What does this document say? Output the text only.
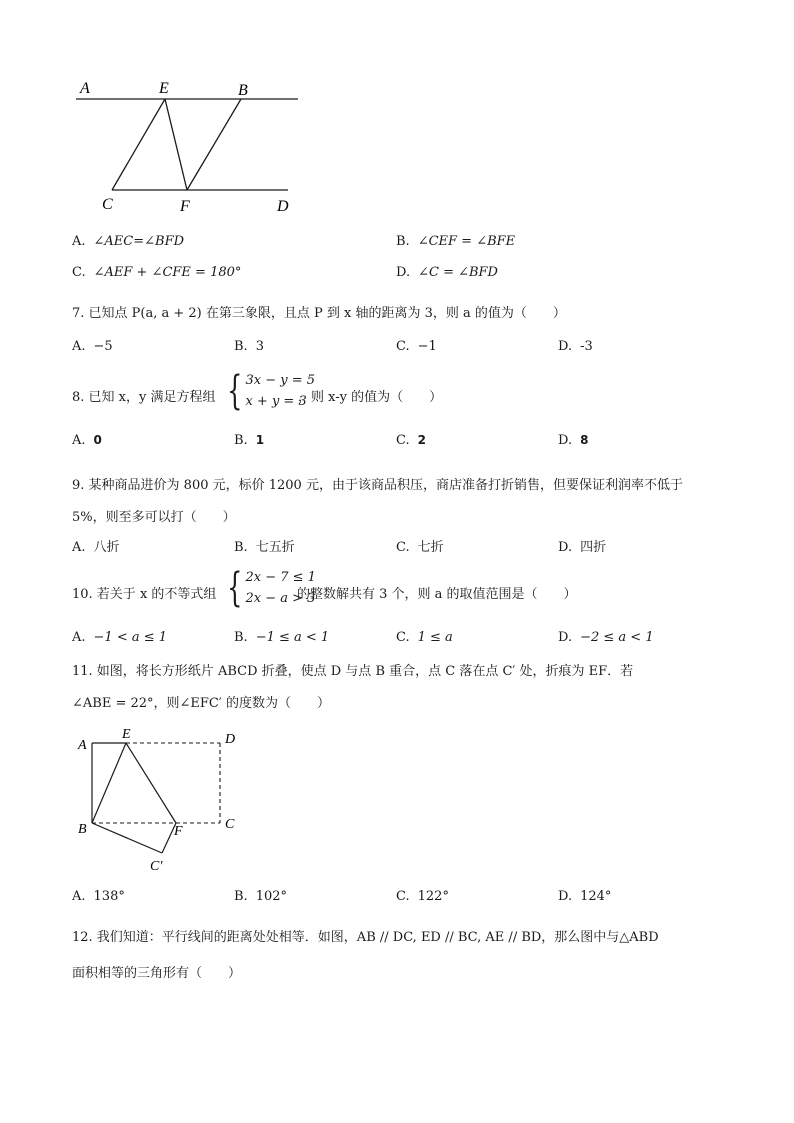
A	E	B
C	F	D
A. ∠AEC=∠BFD	B. ∠CEF = ∠BFE
C. ∠AEF + ∠CFE = 180°	D. ∠C = ∠BFD
7. 已知点 P(a, a + 2) 在第三象限，且点 P 到 x 轴的距离为 3，则 a 的值为（　　）
A. −5	B. 3	C. −1	D. -3
8. 已知 x，y 满足方程组 { 3x − y = 5
x + y = 3
，则 x-y 的值为（　　）
A. 0	B. 1	C. 2	D. 8
9. 某种商品进价为 800 元，标价 1200 元，由于该商品积压，商店准备打折销售，但要保证利润率不低于
5%，则至多可以打（　　）
A. 八折	B. 七五折	C. 七折	D. 四折
10. 若关于 x 的不等式组 { 2x − 7 ≤ 1
2x − a > 3
的整数解共有 3 个，则 a 的取值范围是（　　）
A. −1 < a ≤ 1	B. −1 ≤ a < 1	C. 1 ≤ a	D. −2 ≤ a < 1
11. 如图，将长方形纸片 ABCD 折叠，使点 D 与点 B 重合，点 C 落在点 C′ 处，折痕为 EF．若
∠ABE = 22°，则∠EFC′ 的度数为（　　）
A
E	D
B	F	C
C′
A. 138°	B. 102°	C. 122°	D. 124°
12. 我们知道：平行线间的距离处处相等．如图，AB // DC, ED // BC, AE // BD，那么图中与△ABD
面积相等的三角形有（　　）
